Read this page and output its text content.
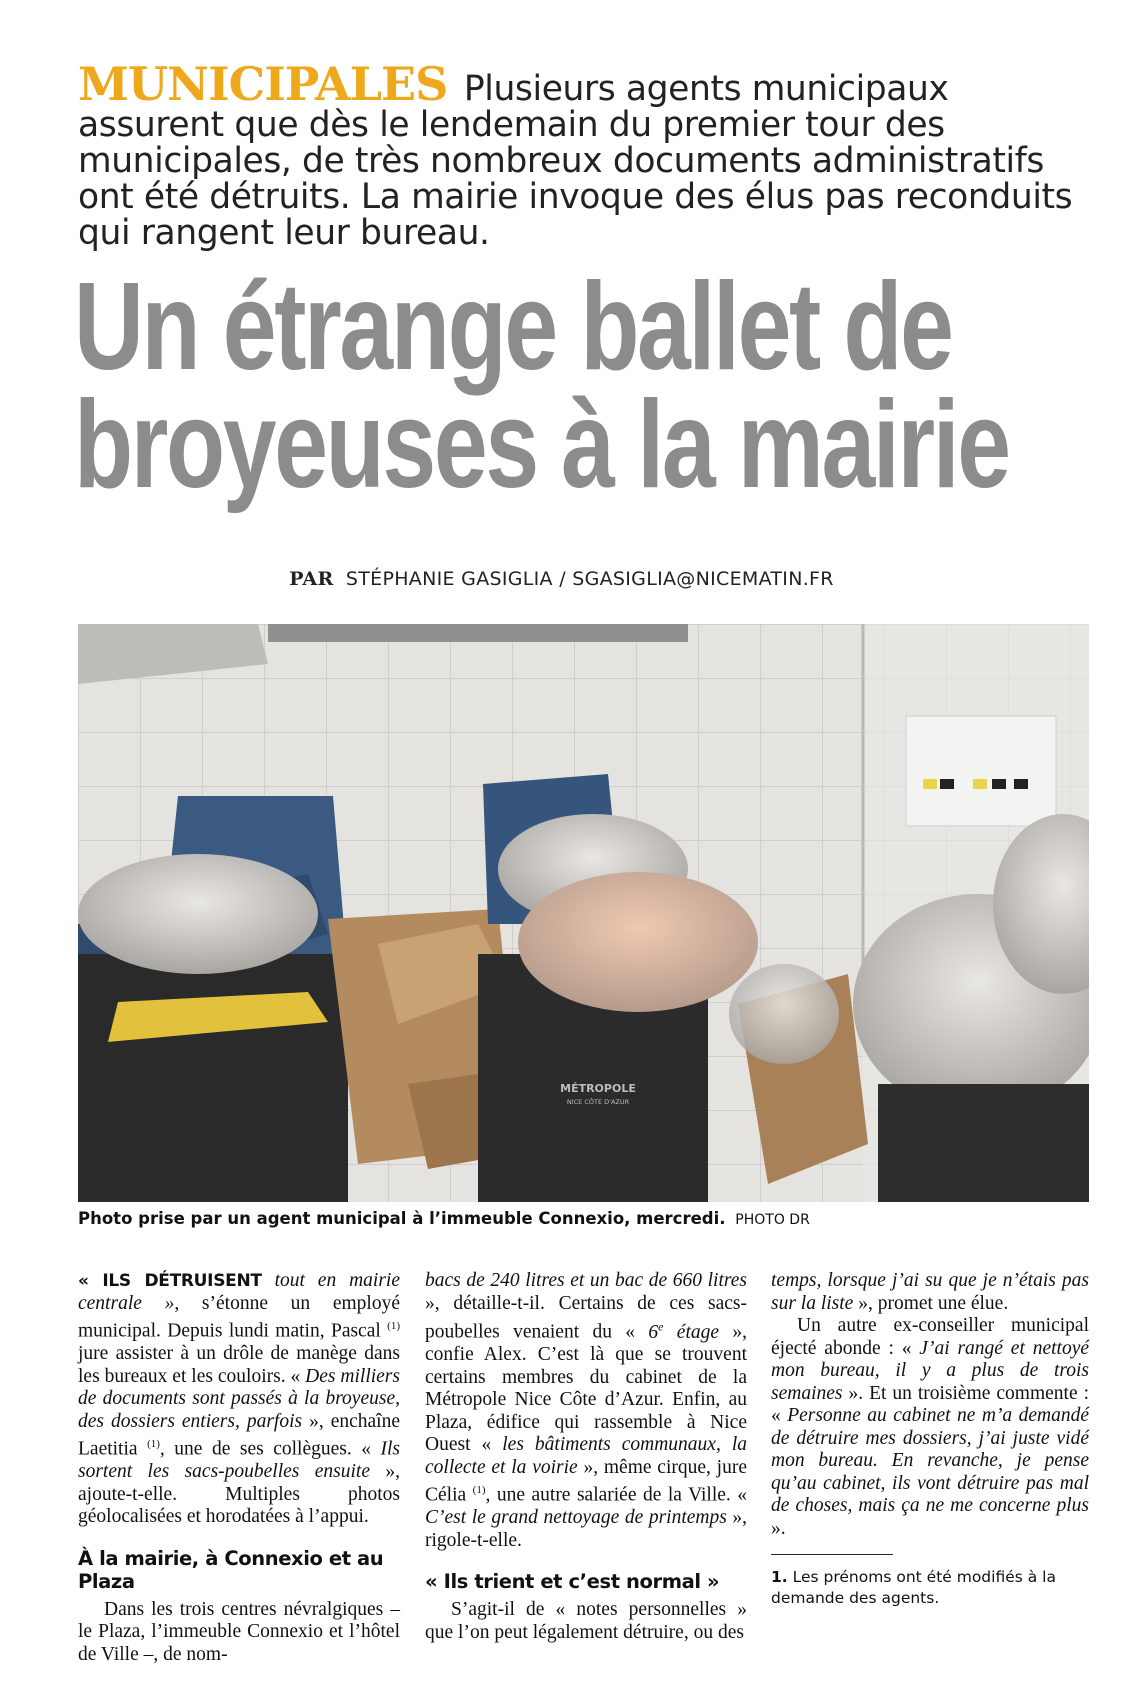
MUNICIPALES Plusieurs agents municipaux assurent que dès le lendemain du premier tour des municipales, de très nombreux documents administratifs ont été détruits. La mairie invoque des élus pas reconduits qui rangent leur bureau.
Un étrange ballet de
broyeuses à la mairie
PAR STÉPHANIE GASIGLIA / SGASIGLIA@NICEMATIN.FR
MÉTROPOLE
NICE CÔTE D'AZUR
Photo prise par un agent municipal à l’immeuble Connexio, mercredi. PHOTO DR

« ILS DÉTRUISENT tout en mairie centrale », s’étonne un employé municipal. Depuis lundi matin, Pascal $^{(1)}$ jure assister à un drôle de manège dans les bureaux et les couloirs. « Des milliers de documents sont passés à la broyeuse, des dossiers entiers, parfois », enchaîne Laetitia $^{(1)}$, une de ses collègues. « Ils sortent les sacs-poubelles ensuite », ajoute-t-elle. Multiples photos géolocalisées et horodatées à l’appui.

À la mairie, à Connexio et au Plaza

Dans les trois centres névralgiques – le Plaza, l’immeuble Connexio et l’hôtel de Ville –, de nom-

bacs de 240 litres et un bac de 660 litres », détaille-t-il. Certains de ces sacs-poubelles venaient du « 6e étage », confie Alex. C’est là que se trouvent certains membres du cabinet de la Métropole Nice Côte d’Azur. Enfin, au Plaza, édifice qui rassemble à Nice Ouest « les bâtiments communaux, la collecte et la voirie », même cirque, jure Célia $^{(1)}$, une autre salariée de la Ville. « C’est le grand nettoyage de printemps », rigole-t-elle.

« Ils trient et c’est normal »

S’agit-il de « notes personnelles » que l’on peut légalement détruire, ou des

temps, lorsque j’ai su que je n’étais pas sur la liste », promet une élue.

Un autre ex-conseiller municipal éjecté abonde : « J’ai rangé et nettoyé mon bureau, il y a plus de trois semaines ». Et un troisième commente : « Personne au cabinet ne m’a demandé de détruire mes dossiers, j’ai juste vidé mon bureau. En revanche, je pense qu’au cabinet, ils vont détruire pas mal de choses, mais ça ne me concerne plus ».

1. Les prénoms ont été modifiés à la demande des agents.
